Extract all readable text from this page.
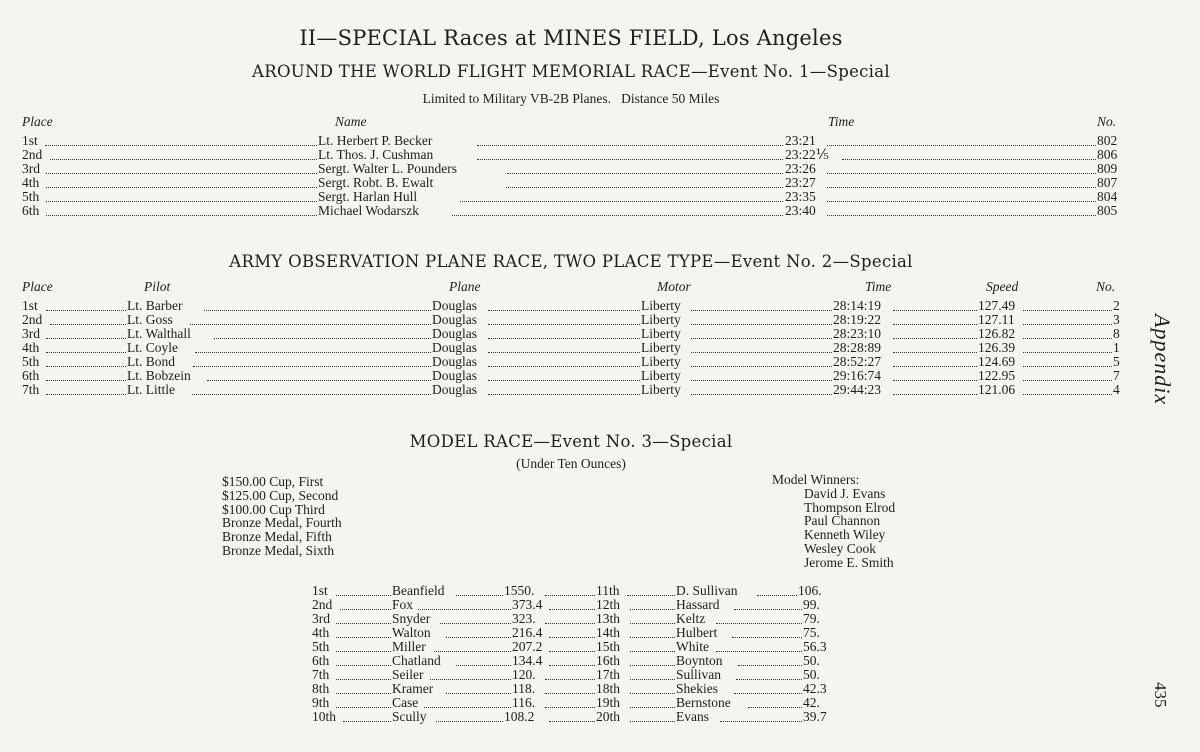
II—SPECIAL Races at MINES FIELD, Los Angeles
AROUND THE WORLD FLIGHT MEMORIAL RACE—Event No. 1—Special
Limited to Military VB-2B Planes.   Distance 50 Miles
Place	Name	Time	No.
1st	Lt. Herbert P. Becker	23:21	802
2nd	Lt. Thos. J. Cushman	23:22⅕	806
3rd	Sergt. Walter L. Pounders	23:26	809
4th	Sergt. Robt. B. Ewalt	23:27	807
5th	Sergt. Harlan Hull	23:35	804
6th	Michael Wodarszk	23:40	805
ARMY OBSERVATION PLANE RACE, TWO PLACE TYPE—Event No. 2—Special
Place	Pilot	Plane	Motor	Time	Speed	No.
1st	Lt. Barber	Douglas	Liberty	28:14:19	127.49	2
2nd	Lt. Goss	Douglas	Liberty	28:19:22	127.11	3
3rd	Lt. Walthall	Douglas	Liberty	28:23:10	126.82	8
4th	Lt. Coyle	Douglas	Liberty	28:28:89	126.39	1
5th	Lt. Bond	Douglas	Liberty	28:52:27	124.69	5
6th	Lt. Bobzein	Douglas	Liberty	29:16:74	122.95	7
7th	Lt. Little	Douglas	Liberty	29:44:23	121.06	4
MODEL RACE—Event No. 3—Special
(Under Ten Ounces)
$150.00 Cup, First
$125.00 Cup, Second
$100.00 Cup Third
Bronze Medal, Fourth
Bronze Medal, Fifth
Bronze Medal, Sixth
Model Winners:
David J. Evans
Thompson Elrod
Paul Channon
Kenneth Wiley
Wesley Cook
Jerome E. Smith
1st	Beanfield	1550.	11th	D. Sullivan	106.
2nd	Fox	373.4	12th	Hassard	99.
3rd	Snyder	323.	13th	Keltz	79.
4th	Walton	216.4	14th	Hulbert	75.
5th	Miller	207.2	15th	White	56.3
6th	Chatland	134.4	16th	Boynton	50.
7th	Seiler	120.	17th	Sullivan	50.
8th	Kramer	118.	18th	Shekies	42.3
9th	Case	116.	19th	Bernstone	42.
10th	Scully	108.2	20th	Evans	39.7
Appendix
435
